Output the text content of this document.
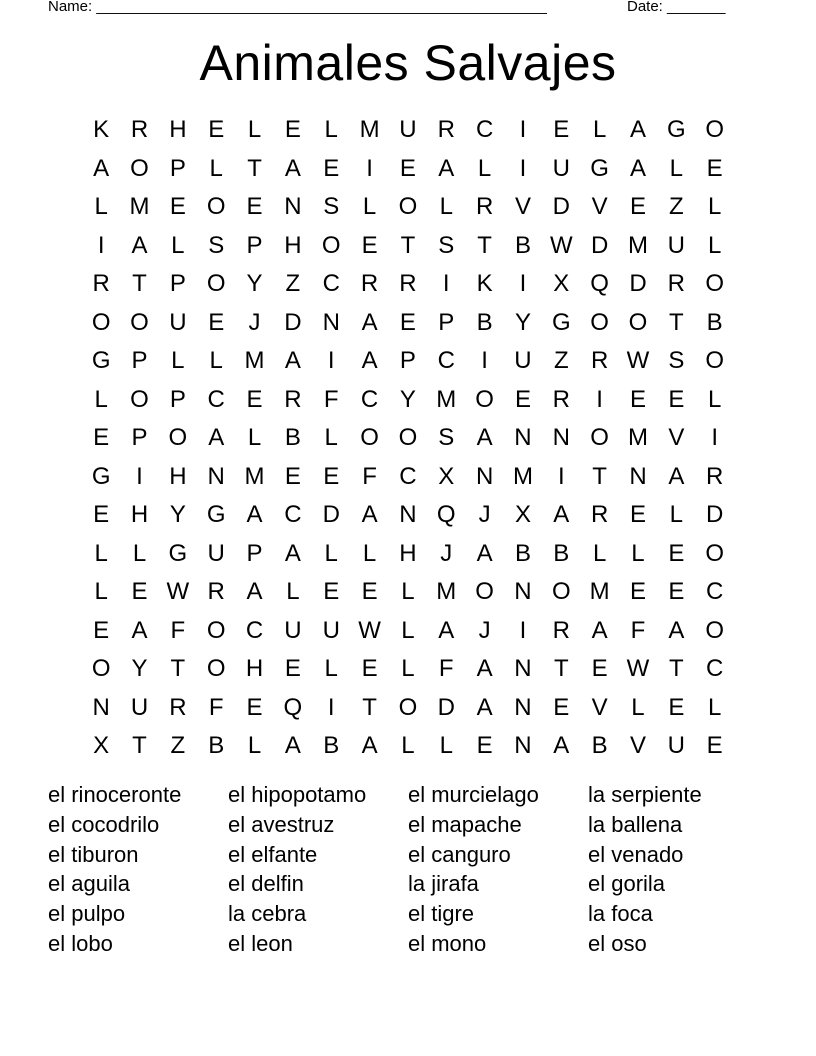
Name: ______________________________________________________	Date: _______
Animales Salvajes
K R H E L E L M U R C	I	E L A G O
A O P L	T A E	I	E A L	I	U G A L E
L M E O E N S L O L R V D V E Z	L
I	A L S P H O E T S T B W D M U L
R T P O Y Z C R R	I	K	I	X Q D R O
O O U E	J D N A E P B Y G O O T B
G P L	L M A	I	A P C	I	U Z R W S O
L O P C E R F C Y M O E R	I	E E L
E P O A L B L O O S A N N O M V	I
G	I	H N M E E F C X N M	I	T N A R
E H Y G A C D A N Q J	X A R E L D
L	L G U P A L	L H J	A B B L	L E O
L E W R A L E E L M O N O M E E C
E A F O C U U W L A	J	I	R A F A O
O Y T O H E L E L	F A N T E W T C
N U R F E Q	I	T O D A N E V L E L
X T Z B L A B A L	L E N A B V U E
el rinoceronte	el hipopotamo	el murcielago	la serpiente
el cocodrilo	el avestruz	el mapache	la ballena
el tiburon	el elfante	el canguro	el venado
el aguila	el delfin	la jirafa	el gorila
el pulpo	la cebra	el tigre	la foca
el lobo	el leon	el mono	el oso
